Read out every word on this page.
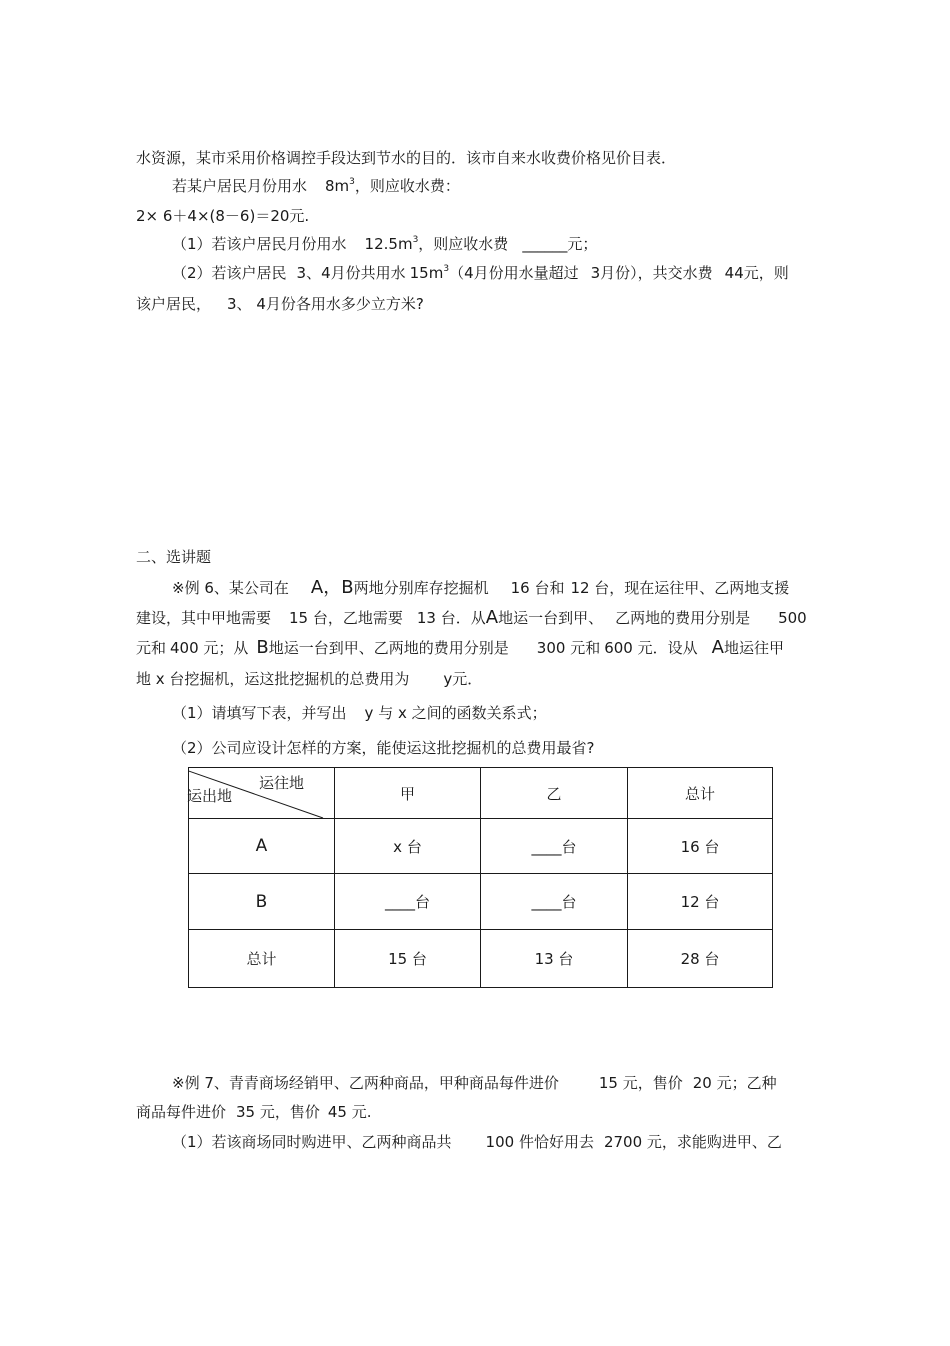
水资源，某市采用价格调控手段达到节水的目的．该市自来水收费价格见价目表．
若某户居民月份用水 $8m^3$，则应收水费：
2× 6＋4×(8－6)＝20元.
（1）若该户居民月份用水 $12.5m^3$，则应收水费 ______元；
（2）若该户居民 3、4月份共用水 $15m^3(4$月份用水量超过 3月份），共交水费 44元，则
该户居民， 3、 4月份各用水多少立方米?
二、选讲题
※例 6、某公司在 A，B两地分别库存挖掘机 16 台和 12 台，现在运往甲、乙两地支援
建设，其中甲地需要 15 台，乙地需要 13 台．从A地运一台到甲、 乙两地的费用分别是 500
元和 400 元；从 B地运一台到甲、乙两地的费用分别是 300 元和 600 元．设从 A地运往甲
地 x 台挖掘机，运这批挖掘机的总费用为 y元．
（1）请填写下表，并写出 y 与 x 之间的函数关系式；
（2）公司应设计怎样的方案，能使运这批挖掘机的总费用最省?
运往地
运出地	甲	乙	总计
A	x 台	____台	16 台
B	____台	____台	12 台
总计	15 台	13 台	28 台
※例 7、青青商场经销甲、乙两种商品，甲种商品每件进价	15 元，售价 20 元；乙种
商品每件进价 35 元，售价 45 元.
（1）若该商场同时购进甲、乙两种商品共 100 件恰好用去 2700 元，求能购进甲、乙
